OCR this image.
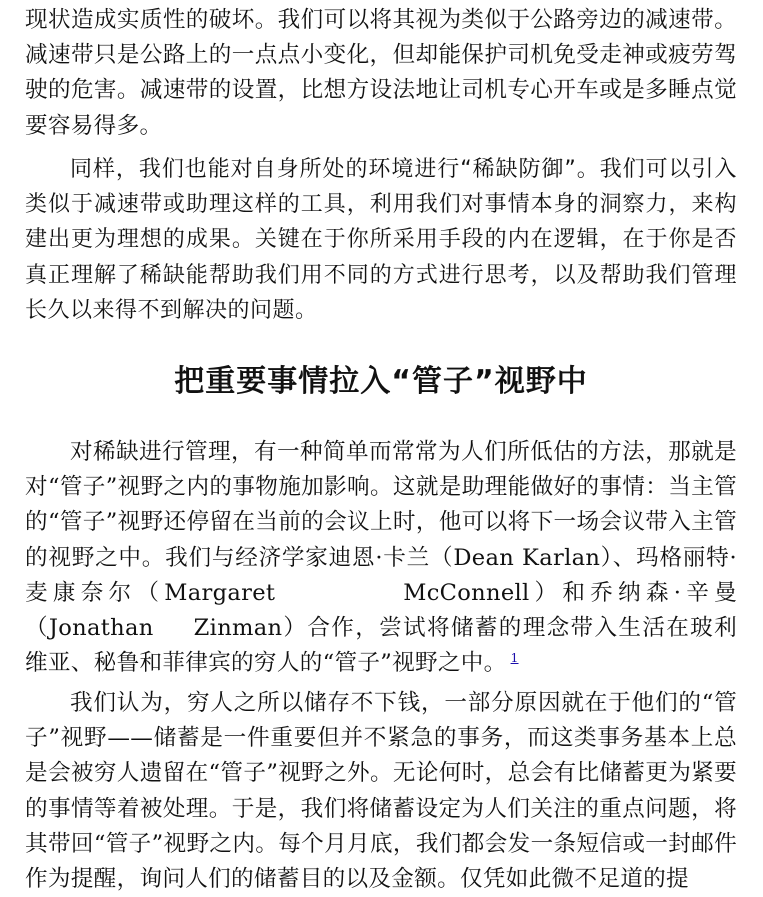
现状造成实质性的破坏。我们可以将其视为类似于公路旁边的减速带。减速带只是公路上的一点点小变化，但却能保护司机免受走神或疲劳驾驶的危害。减速带的设置，比想方设法地让司机专心开车或是多睡点觉要容易得多。

同样，我们也能对自身所处的环境进行“稀缺防御”。我们可以引入类似于减速带或助理这样的工具，利用我们对事情本身的洞察力，来构建出更为理想的成果。关键在于你所采用手段的内在逻辑，在于你是否真正理解了稀缺能帮助我们用不同的方式进行思考，以及帮助我们管理长久以来得不到解决的问题。

把重要事情拉入“管子”视野中

对稀缺进行管理，有一种简单而常常为人们所低估的方法，那就是对“管子”视野之内的事物施加影响。这就是助理能做好的事情：当主管的“管子”视野还停留在当前的会议上时，他可以将下一场会议带入主管的视野之中。我们与经济学家迪恩·卡兰（Dean Karlan）、玛格丽特·麦康奈尔（Margaret	McConnell）和乔纳森·辛曼（Jonathan Zinman）合作，尝试将储蓄的理念带入生活在玻利维亚、秘鲁和菲律宾的穷人的“管子”视野之中。 $^1$

我们认为，穷人之所以储存不下钱，一部分原因就在于他们的“管子”视野——储蓄是一件重要但并不紧急的事务，而这类事务基本上总是会被穷人遗留在“管子”视野之外。无论何时，总会有比储蓄更为紧要的事情等着被处理。于是，我们将储蓄设定为人们关注的重点问题，将其带回“管子”视野之内。每个月月底，我们都会发一条短信或一封邮件作为提醒，询问人们的储蓄目的以及金额。仅凭如此微不足道的提
